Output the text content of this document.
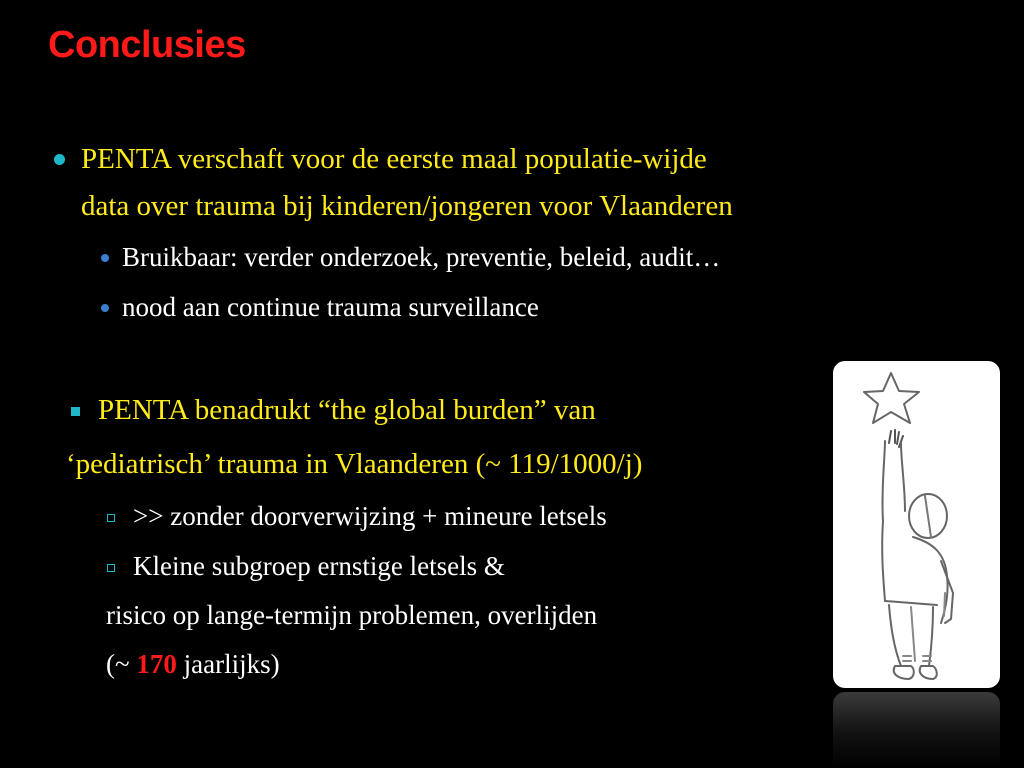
Conclusies
PENTA verschaft voor de eerste maal populatie-wijde
data over trauma bij kinderen/jongeren voor Vlaanderen
Bruikbaar: verder onderzoek, preventie, beleid, audit…
nood aan continue trauma surveillance
PENTA benadrukt “the global burden” van
‘pediatrisch’ trauma in Vlaanderen (~ 119/1000/j)
>> zonder doorverwijzing + mineure letsels
Kleine subgroep ernstige letsels &
risico op lange-termijn problemen, overlijden
(~ 170 jaarlijks)
